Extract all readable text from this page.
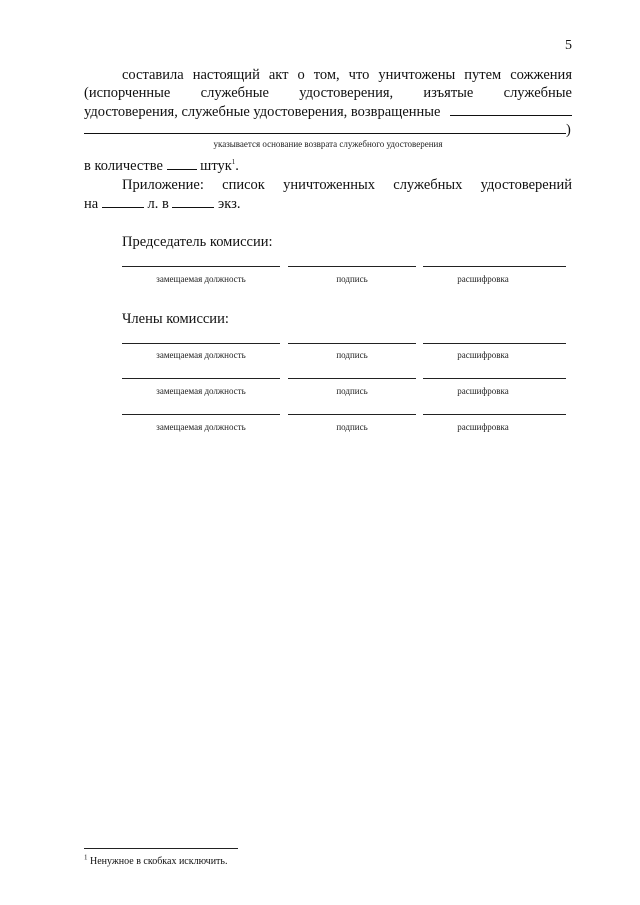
5
составила настоящий акт о том, что уничтожены путем сожжения
(испорченные служебные удостоверения, изъятые служебные
удостоверения, служебные удостоверения, возвращенные
)
указывается основание возврата служебного удостоверения
в количестве	штук$^1$.
Приложение: список уничтоженных служебных удостоверений
на	л. в	экз.
Председатель комиссии:
замещаемая должность	подпись	расшифровка
Члены комиссии:
замещаемая должность	подпись	расшифровка
замещаемая должность	подпись	расшифровка
замещаемая должность	подпись	расшифровка
$^1$ Ненужное в скобках исключить.
